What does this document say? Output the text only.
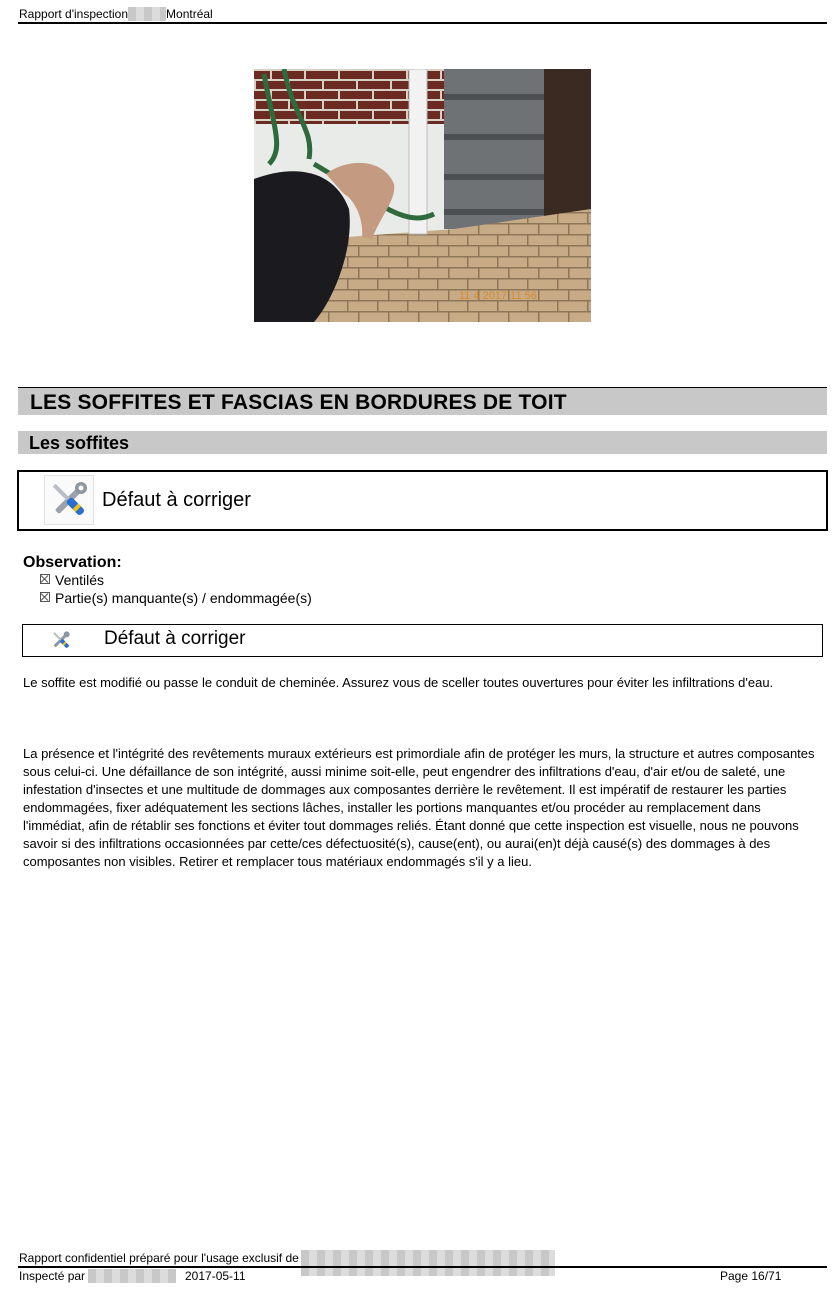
Rapport d'inspection	Montréal
11 4 2017 11 56
LES SOFFITES ET FASCIAS EN BORDURES DE TOIT
Les soffites
Défaut à corriger
Observation:
Ventilés
Partie(s) manquante(s) / endommagée(s)
Défaut à corriger
Le soffite est modifié ou passe le conduit de cheminée. Assurez vous de sceller toutes ouvertures pour éviter les infiltrations d'eau.
La présence et l'intégrité des revêtements muraux extérieurs est primordiale afin de protéger les murs, la structure et autres composantes sous celui-ci. Une défaillance de son intégrité, aussi minime soit-elle, peut engendrer des infiltrations d'eau, d'air et/ou de saleté, une infestation d'insectes et une multitude de dommages aux composantes derrière le revêtement. Il est impératif de restaurer les parties endommagées, fixer adéquatement les sections lâches, installer les portions manquantes et/ou procéder au remplacement dans l'immédiat, afin de rétablir ses fonctions et éviter tout dommages reliés. Étant donné que cette inspection est visuelle, nous ne pouvons savoir si des infiltrations occasionnées par cette/ces défectuosité(s), cause(ent), ou aurai(en)t déjà causé(s) des dommages à des composantes non visibles. Retirer et remplacer tous matériaux endommagés s'il y a lieu.
Rapport confidentiel préparé pour l'usage exclusif de
Inspecté par	2017-05-11	Page 16/71
